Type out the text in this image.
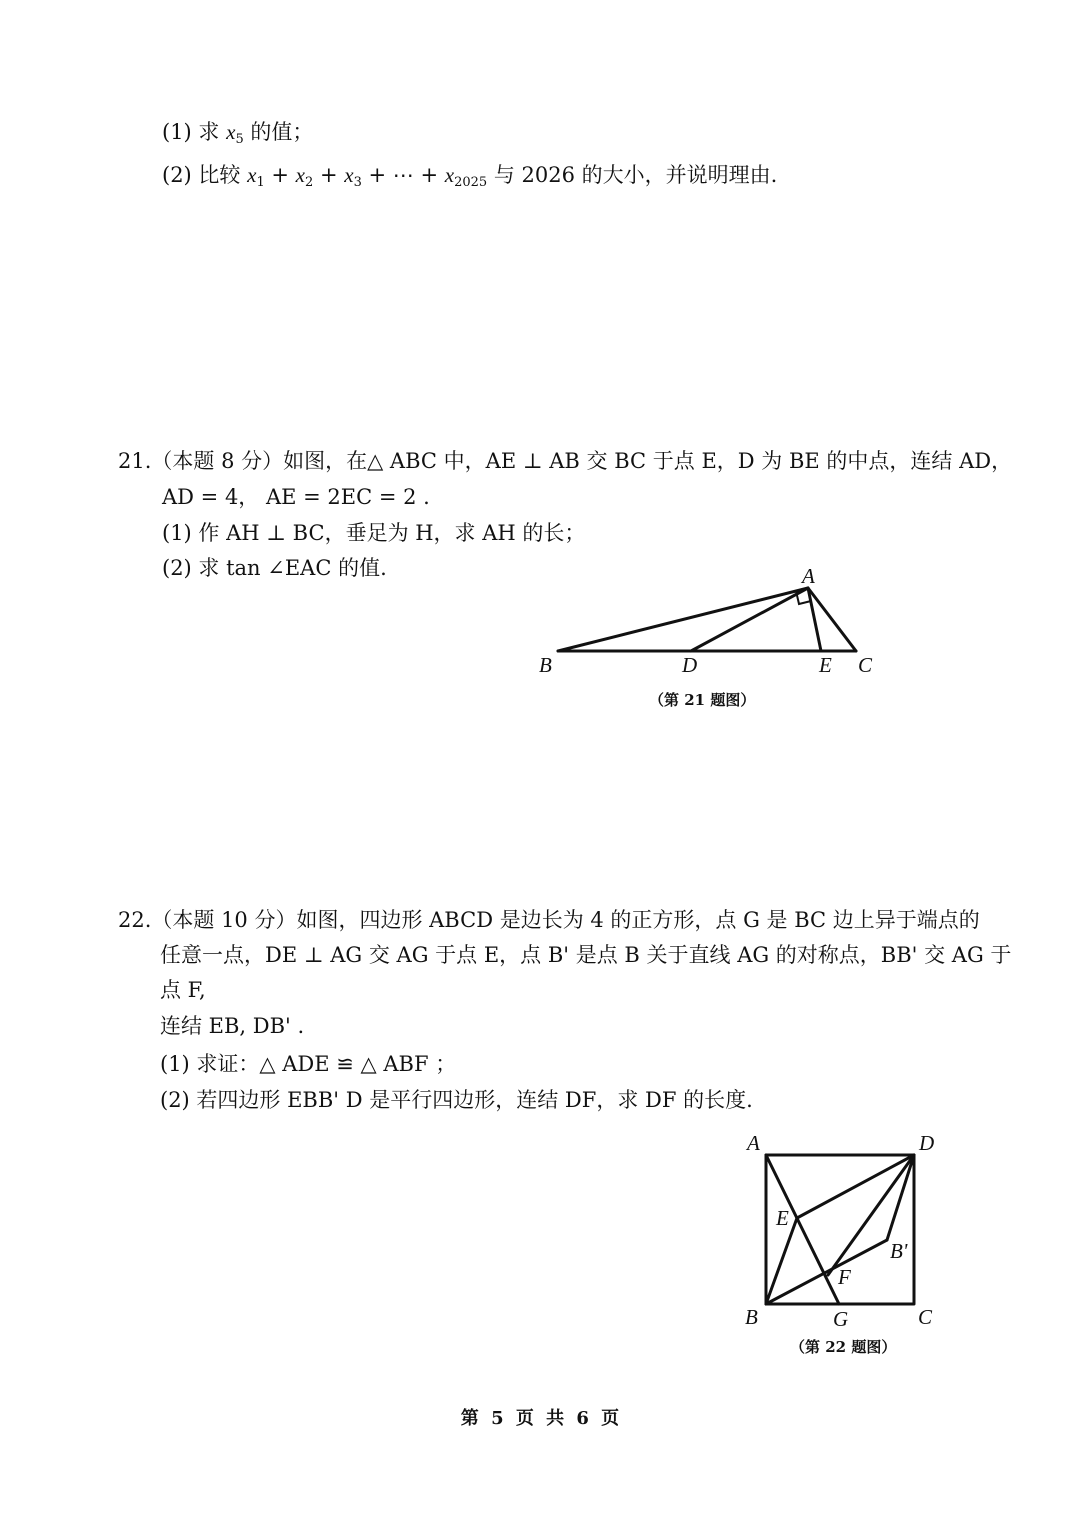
(1) 求 $x_5$ 的值；
(2) 比较 $x_1 + x_2 + x_3$ + ⋯ + $x_{2025}$ 与 2026 的大小，并说明理由.
21.（本题 8 分）如图，在△ ABC 中，AE ⊥ AB 交 BC 于点 E，D 为 BE 的中点，连结 AD，
AD = 4， AE = 2EC = 2 .
(1) 作 AH ⊥ BC，垂足为 H，求 AH 的长；
(2) 求 tan ∠EAC 的值.	A
B	D	E C
（第 21 题图）
22.（本题 10 分）如图，四边形 ABCD 是边长为 4 的正方形，点 G 是 BC 边上异于端点的
任意一点，DE ⊥ AG 交 AG 于点 E，点 B' 是点 B 关于直线 AG 的对称点，BB' 交 AG 于
点 F,
连结 EB, DB' .
(1) 求证：△ ADE ≌ △ ABF ；
(2) 若四边形 EBB' D 是平行四边形，连结 DF，求 DF 的长度.
A	D
E
B'
F
B	G	C
（第 22 题图）
第 5 页 共 6 页
